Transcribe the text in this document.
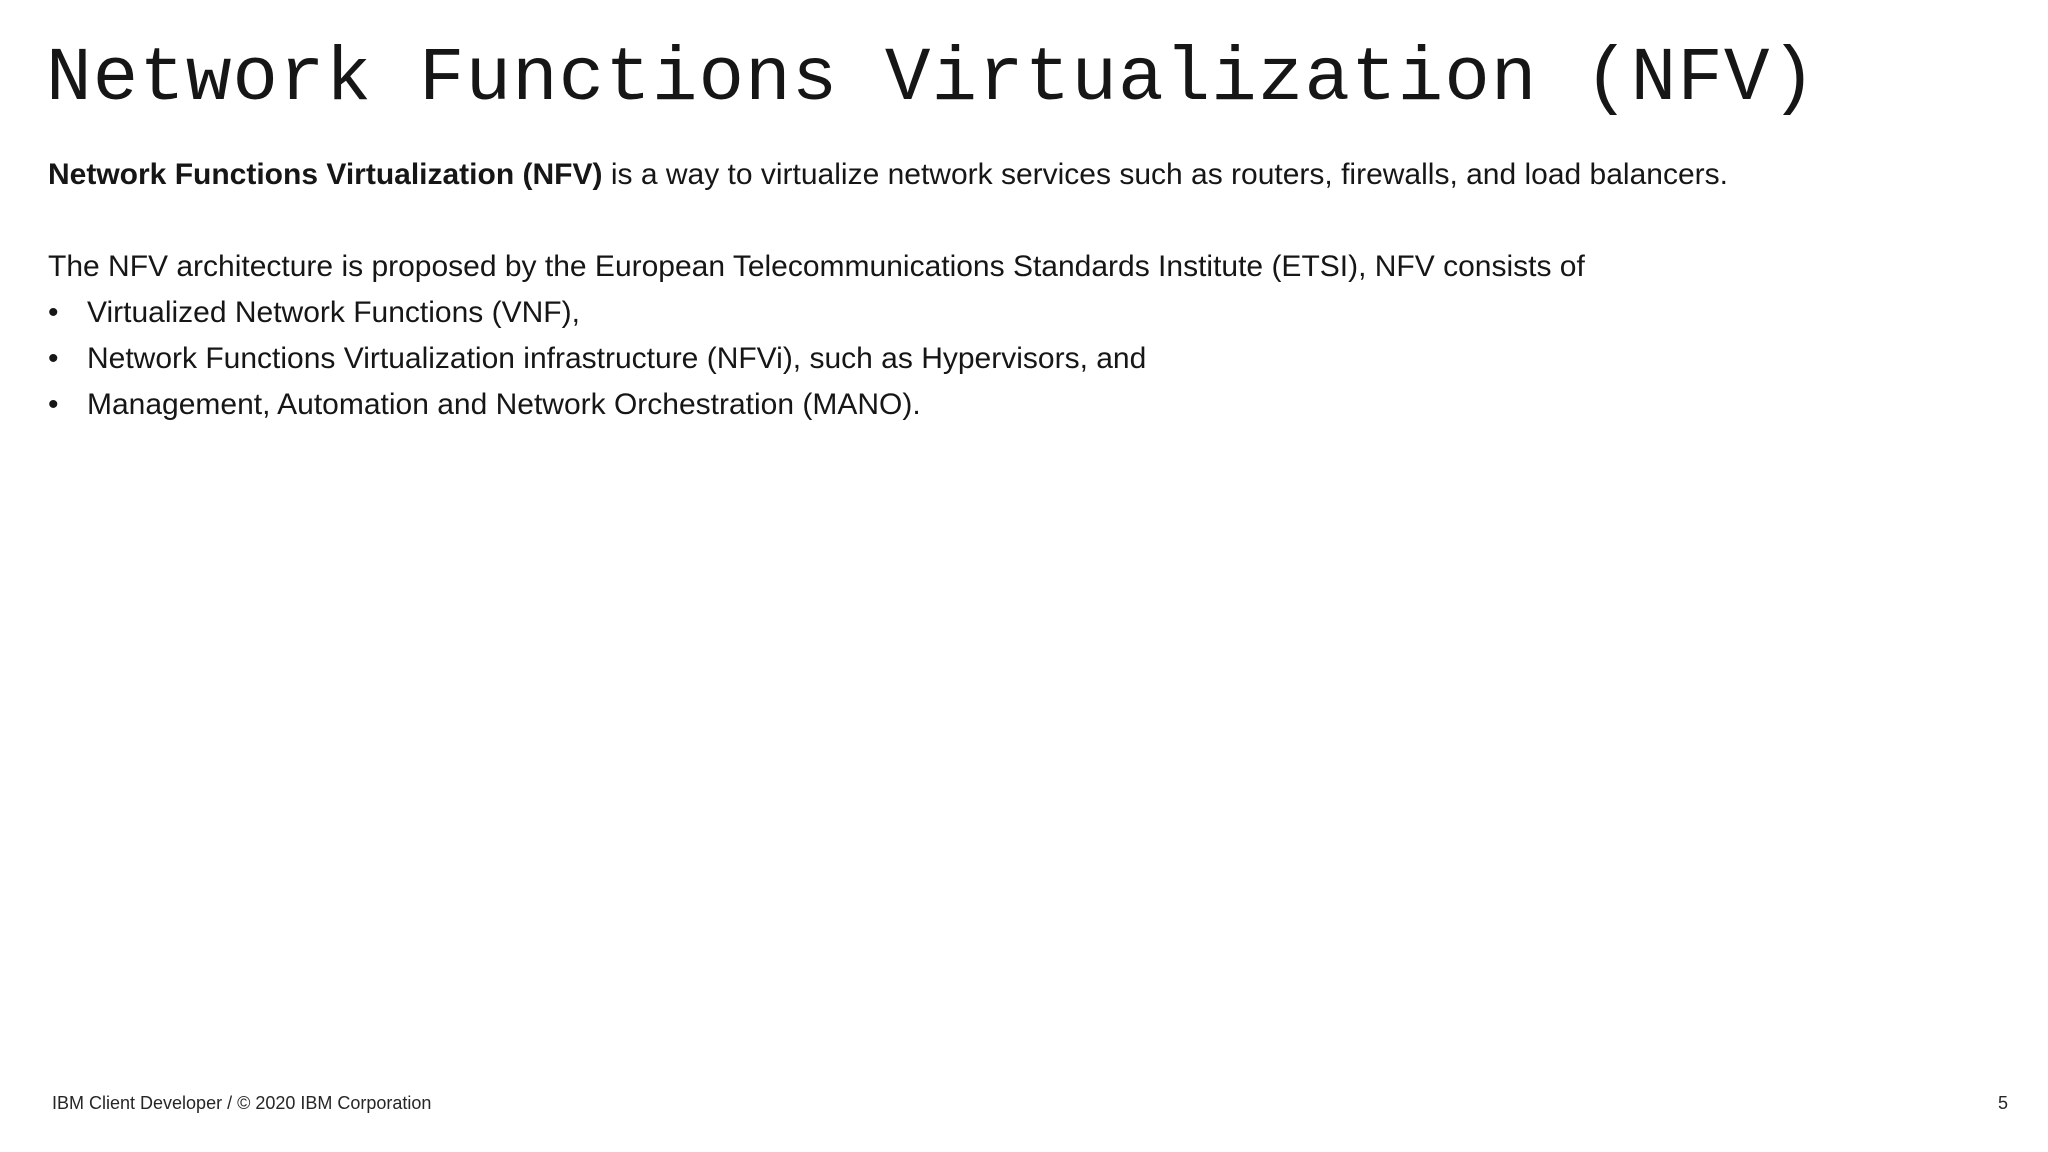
Network Functions Virtualization (NFV)

Network Functions Virtualization (NFV) is a way to virtualize network services such as routers, firewalls, and load balancers.

The NFV architecture is proposed by the European Telecommunications Standards Institute (ETSI), NFV consists of

• Virtualized Network Functions (VNF),
• Network Functions Virtualization infrastructure (NFVi), such as Hypervisors, and
• Management, Automation and Network Orchestration (MANO).
IBM Client Developer / © 2020 IBM Corporation	5
